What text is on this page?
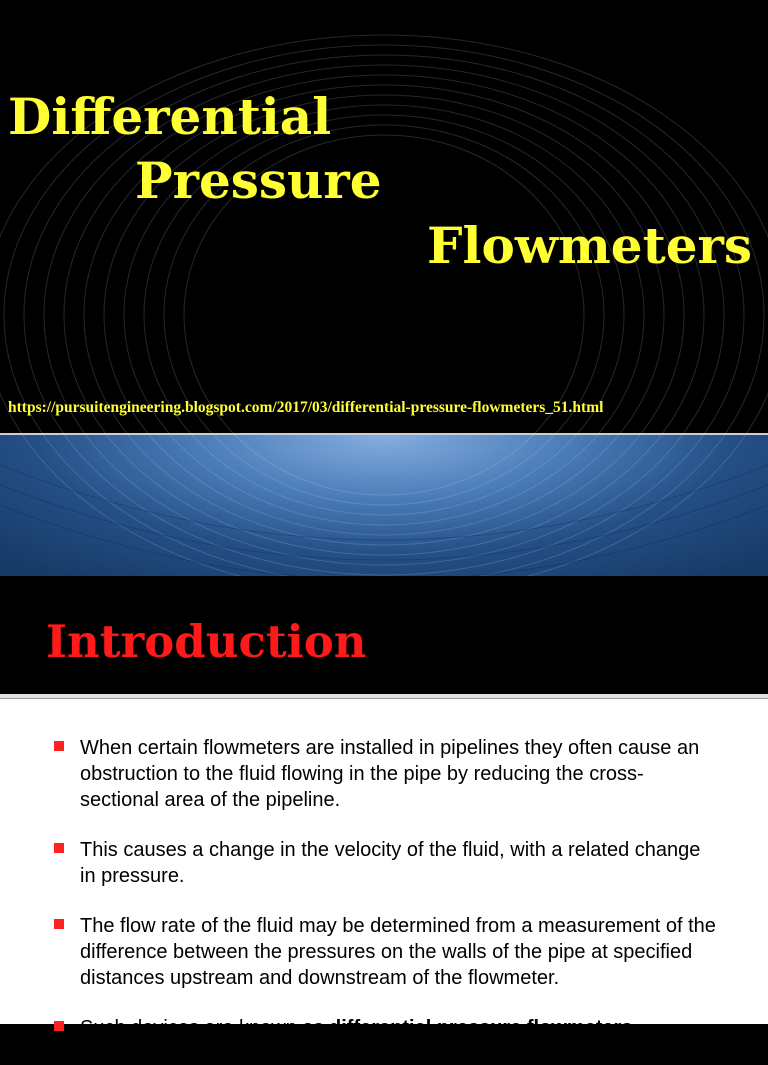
Differential
Pressure
Flowmeters
https://pursuitengineering.blogspot.com/2017/03/differential-pressure-flowmeters_51.html
Introduction
When certain flowmeters are installed in pipelines they often cause an obstruction to the fluid flowing in the pipe by reducing the cross-sectional area of the pipeline.
This causes a change in the velocity of the fluid, with a related change in pressure.
The flow rate of the fluid may be determined from a measurement of the difference between the pressures on the walls of the pipe at specified distances upstream and downstream of the flowmeter.
Such devices are known as differential pressure flowmeters
